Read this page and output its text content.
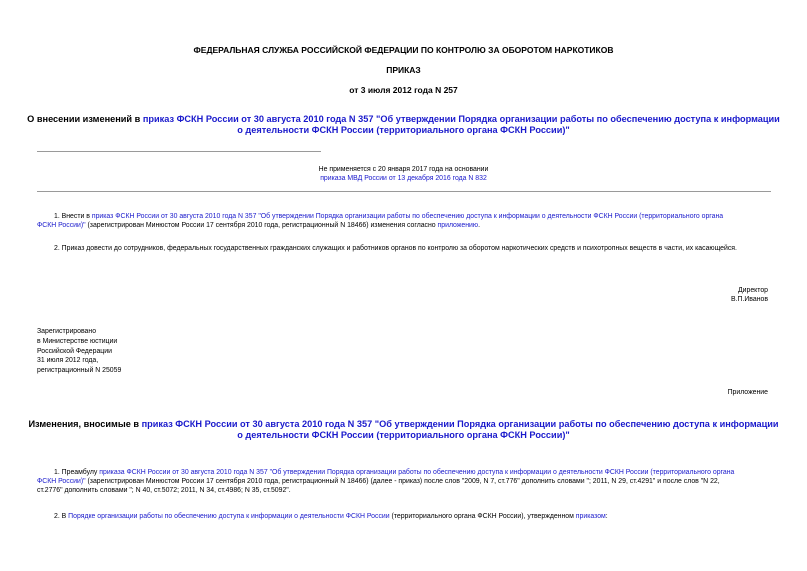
ФЕДЕРАЛЬНАЯ СЛУЖБА РОССИЙСКОЙ ФЕДЕРАЦИИ ПО КОНТРОЛЮ ЗА ОБОРОТОМ НАРКОТИКОВ
ПРИКАЗ
от 3 июля 2012 года N 257
О внесении изменений в приказ ФСКН России от 30 августа 2010 года N 357 "Об утверждении Порядка организации работы по обеспечению доступа к информации
о деятельности ФСКН России (территориального органа ФСКН России)"
Не применяется с 20 января 2017 года на основании
приказа МВД России от 13 декабря 2016 года N 832
1. Внести в приказ ФСКН России от 30 августа 2010 года N 357 "Об утверждении Порядка организации работы по обеспечению доступа к информации о деятельности ФСКН России (территориального органа
ФСКН России)" (зарегистрирован Минюстом России 17 сентября 2010 года, регистрационный N 18466) изменения согласно приложению.
2. Приказ довести до сотрудников, федеральных государственных гражданских служащих и работников органов по контролю за оборотом наркотических средств и психотропных веществ в части, их касающейся.
Директор
В.П.Иванов
Зарегистрировано
в Министерстве юстиции
Российской Федерации
31 июля 2012 года,
регистрационный N 25059
Приложение
Изменения, вносимые в приказ ФСКН России от 30 августа 2010 года N 357 "Об утверждении Порядка организации работы по обеспечению доступа к информации
о деятельности ФСКН России (территориального органа ФСКН России)"
1. Преамбулу приказа ФСКН России от 30 августа 2010 года N 357 "Об утверждении Порядка организации работы по обеспечению доступа к информации о деятельности ФСКН России (территориального органа
ФСКН России)" (зарегистрирован Минюстом России 17 сентября 2010 года, регистрационный N 18466) (далее - приказ) после слов "2009, N 7, ст.776" дополнить словами "; 2011, N 29, ст.4291" и после слов "N 22,
ст.2776" дополнить словами "; N 40, ст.5072; 2011, N 34, ст.4986; N 35, ст.5092".
2. В Порядке организации работы по обеспечению доступа к информации о деятельности ФСКН России (территориального органа ФСКН России), утвержденном приказом:
